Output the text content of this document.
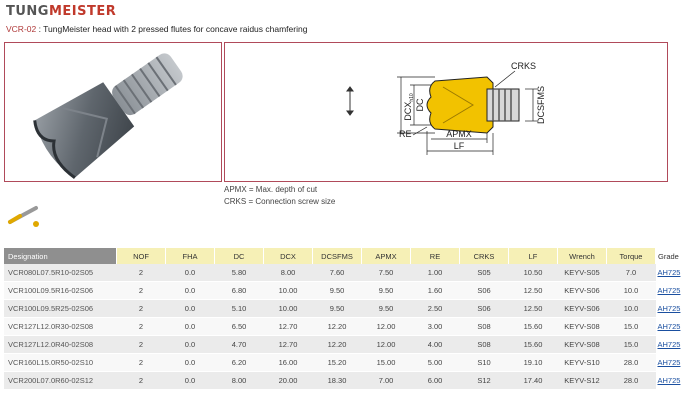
TUNGMEISTER
VCR-02 : TungMeister head with 2 pressed flutes for concave raidus chamfering
$DCX_{h10}$
DC	DCSFMS
CRKS
RE	APMX
LF
APMX = Max. depth of cut
CRKS = Connection screw size
Designation	NOF	FHA	DC	DCX	DCSFMS	APMX	RE	CRKS	LF	Wrench	Torque	Grade
VCR080L07.5R10-02S05	2	0.0	5.80	8.00	7.60	7.50	1.00	S05	10.50	KEYV-S05	7.0	AH725
VCR100L09.5R16-02S06	2	0.0	6.80	10.00	9.50	9.50	1.60	S06	12.50	KEYV-S06	10.0	AH725
VCR100L09.5R25-02S06	2	0.0	5.10	10.00	9.50	9.50	2.50	S06	12.50	KEYV-S06	10.0	AH725
VCR127L12.0R30-02S08	2	0.0	6.50	12.70	12.20	12.00	3.00	S08	15.60	KEYV-S08	15.0	AH725
VCR127L12.0R40-02S08	2	0.0	4.70	12.70	12.20	12.00	4.00	S08	15.60	KEYV-S08	15.0	AH725
VCR160L15.0R50-02S10	2	0.0	6.20	16.00	15.20	15.00	5.00	S10	19.10	KEYV-S10	28.0	AH725
VCR200L07.0R60-02S12	2	0.0	8.00	20.00	18.30	7.00	6.00	S12	17.40	KEYV-S12	28.0	AH725
